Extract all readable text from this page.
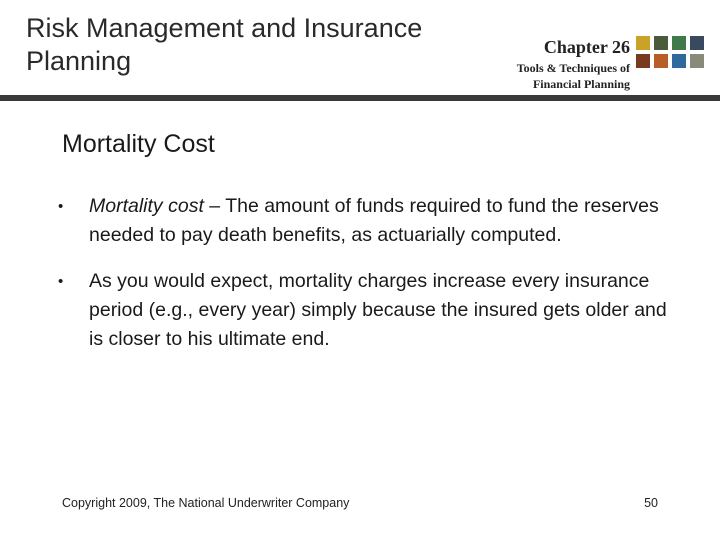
Risk Management and Insurance Planning	Chapter 26
Tools & Techniques of
Financial Planning
Mortality Cost
• Mortality cost – The amount of funds required to fund the reserves needed to pay death benefits, as actuarially computed.
• As you would expect, mortality charges increase every insurance period (e.g., every year) simply because the insured gets older and is closer to his ultimate end.
Copyright 2009, The National Underwriter Company	50
